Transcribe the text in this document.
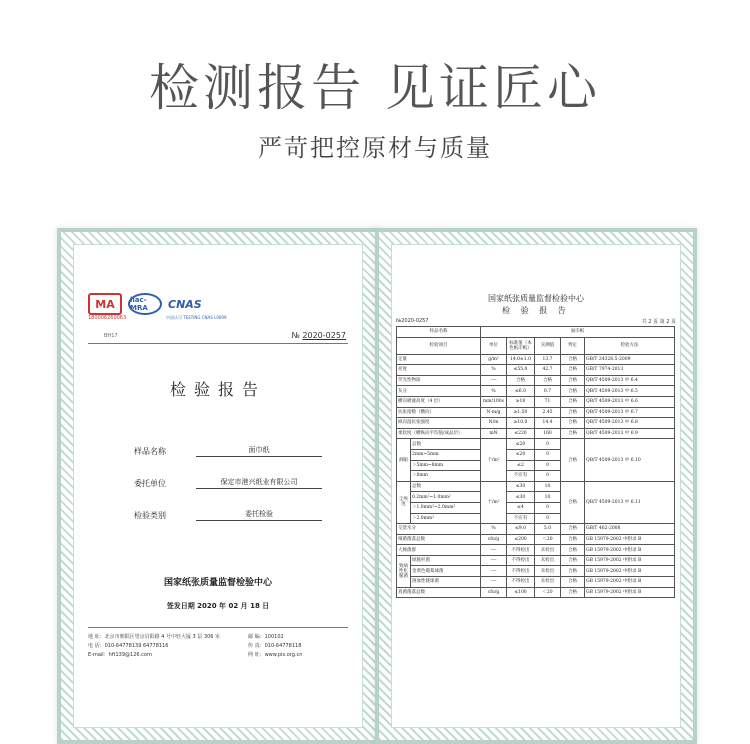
检测报告 见证匠心
严苛把控原材与质量
MA	ilac-MRA	CNAS
180006260063	中国认可 TESTING CNAS L0699
BH17	№ 2020-0257
检验报告
样品名称	面巾纸
委托单位	保定市港兴纸业有限公司
检验类别	委托检验
国家纸张质量监督检验中心
签发日期 2020 年 02 月 18 日
地 址：北京市朝阳区望京启阳路 4 号中轻大厦 3 层 306 室
电 话：010-64778139 64778116
E-mail：hft139@126.com
邮 编：100102
传 真：010-64778118
网 址：www.pis.org.cn
国家纸张质量监督检验中心
检 验 报 告
№2020-0257	共 2 页 第 2 页
样品名称		面巾纸				
检验项目		单位	标准值（本色纸巾纸）	实测值	判定	检验方法
定量		g/m²	14.0±1.0	13.7	合格	GB/T 24328.5-2009
亮度		%	≤55.0	42.7	合格	GB/T 7974-2013
荧光性物质		----	合格	合格	合格	QB/T 4509-2013 中 6.4
灰分		%	≤6.0	0.7	合格	QB/T 4509-2013 中 6.5
横向吸液高度（4 层）		mm/100s	≥18	71	合格	QB/T 4509-2013 中 6.6
抗张指数（横向）		N·m/g	≥1.50	2.45	合格	QB/T 4509-2013 中 6.7
纵向湿抗张强度		N/m	≥10.0	14.4	合格	QB/T 4509-2013 中 6.8
柔软度（横纵向平均值/成品层）		mN	≤220	160	合格	QB/T 4509-2013 中 6.9
洞眼	总数	个/m²	≤20	0	合格	QB/T 4509-2013 中 6.10
	2mm~5mm		≤20	0		
	＞5mm~8mm		≤2	0		
	＞8mm		不应有	0		
尘埃度	总数	个/m²	≤30	10	合格	QB/T 4509-2013 中 6.11
	0.2mm²~1.0mm²		≤30	10		
	＞1.0mm²~2.0mm²		≤4	0		
	＞2.0mm²		不应有	0		
交货水分		%	≤9.0	5.0	合格	GB/T 462-2008
细菌菌落总数		cfu/g	≤200	＜20	合格	GB 15979-2002 中附录 B
大肠菌群		----	不得检出	未检出	合格	GB 15979-2002 中附录 B
致病性化脓菌	绿脓杆菌	----	不得检出	未检出	合格	GB 15979-2002 中附录 B
	金黄色葡萄球菌	----	不得检出	未检出	合格	GB 15979-2002 中附录 B
	溶血性链球菌	----	不得检出	未检出	合格	GB 15979-2002 中附录 B
真菌菌落总数		cfu/g	≤100	＜20	合格	GB 15979-2002 中附录 B
